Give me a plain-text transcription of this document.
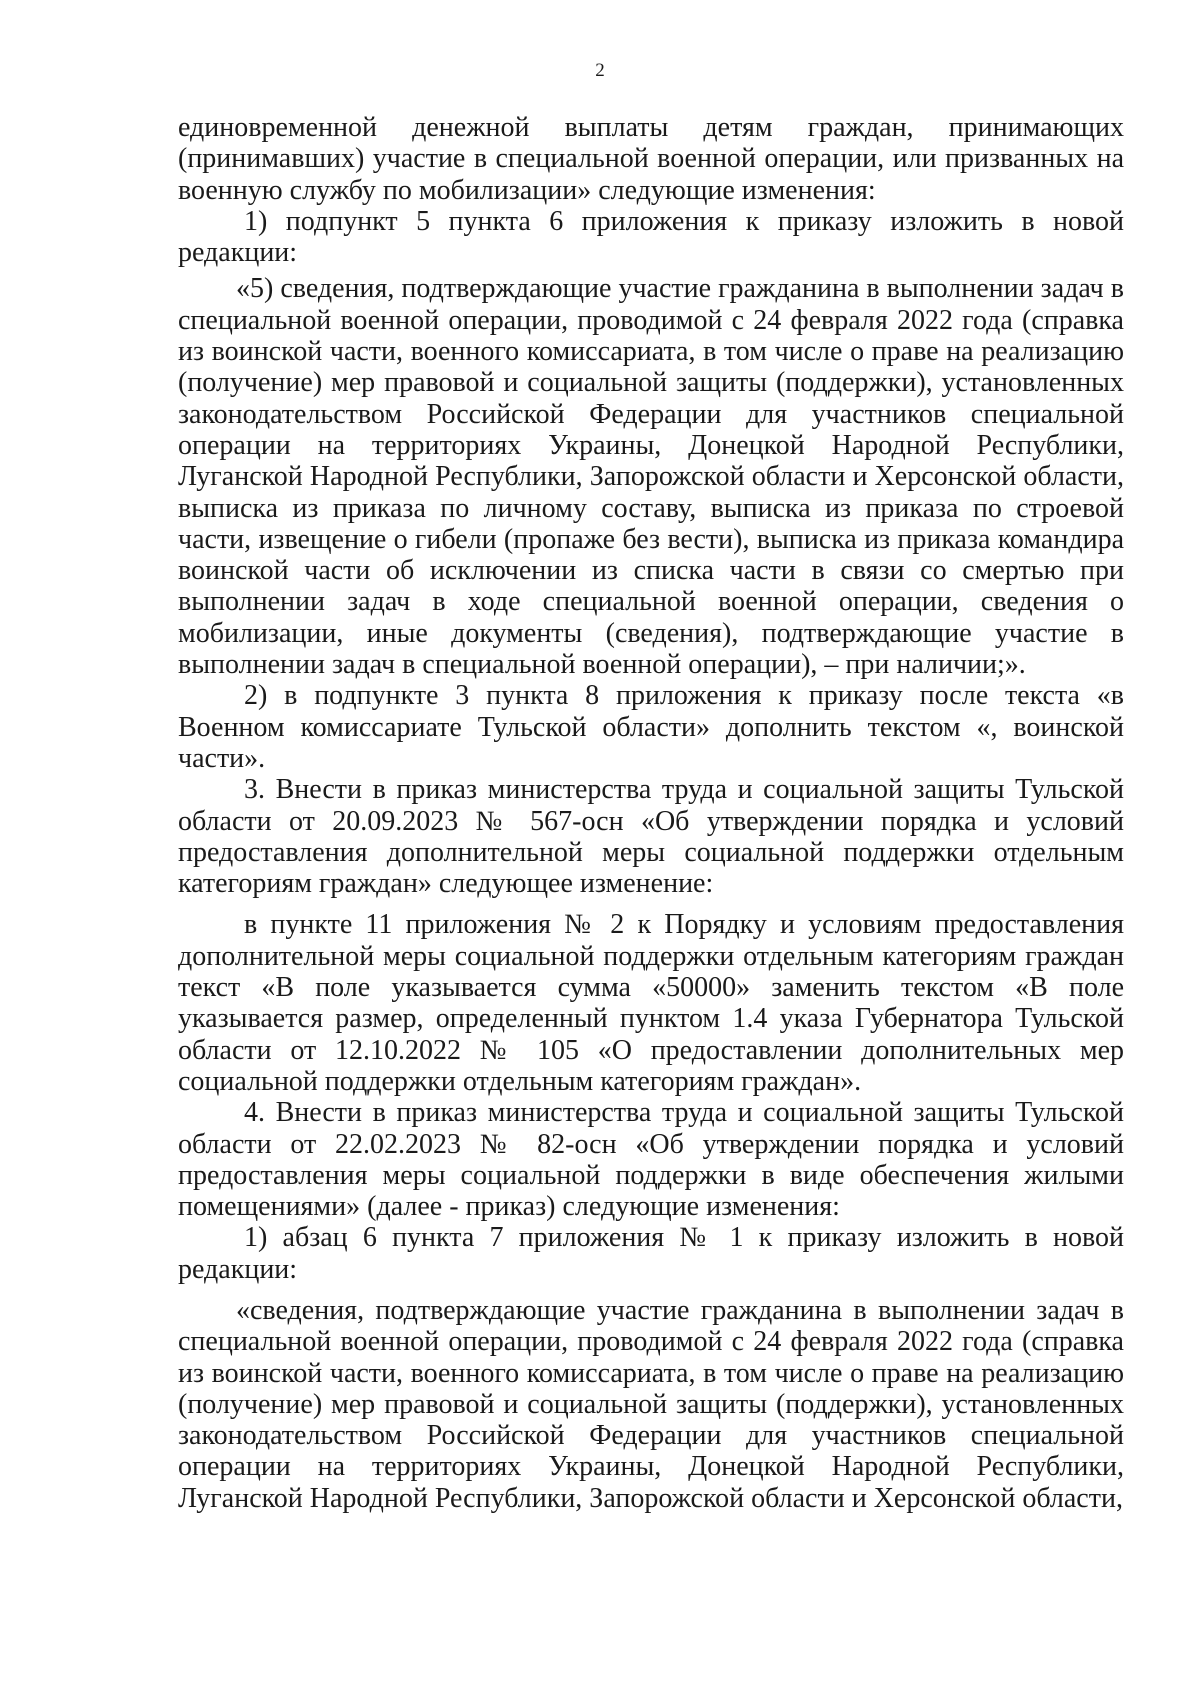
2

единовременной денежной выплаты детям граждан, принимающих (принимавших) участие в специальной военной операции, или призванных на военную службу по мобилизации» следующие изменения:

1) подпункт 5 пункта 6 приложения к приказу изложить в новой редакции:

«5) сведения, подтверждающие участие гражданина в выполнении задач в специальной военной операции, проводимой с 24 февраля 2022 года (справка из воинской части, военного комиссариата, в том числе о праве на реализацию (получение) мер правовой и социальной защиты (поддержки), установленных законодательством Российской Федерации для участников специальной операции на территориях Украины, Донецкой Народной Республики, Луганской Народной Республики, Запорожской области и Херсонской области, выписка из приказа по личному составу, выписка из приказа по строевой части, извещение о гибели (пропаже без вести), выписка из приказа командира воинской части об исключении из списка части в связи со смертью при выполнении задач в ходе специальной военной операции, сведения о мобилизации, иные документы (сведения), подтверждающие участие в выполнении задач в специальной военной операции), – при наличии;».

2) в подпункте 3 пункта 8 приложения к приказу после текста «в Военном комиссариате Тульской области» дополнить текстом «, воинской части».

3. Внести в приказ министерства труда и социальной защиты Тульской области от 20.09.2023 № 567-осн «Об утверждении порядка и условий предоставления дополнительной меры социальной поддержки отдельным категориям граждан» следующее изменение:

в пункте 11 приложения № 2 к Порядку и условиям предоставления дополнительной меры социальной поддержки отдельным категориям граждан текст «В поле указывается сумма «50000» заменить текстом «В поле указывается размер, определенный пунктом 1.4 указа Губернатора Тульской области от 12.10.2022 № 105 «О предоставлении дополнительных мер социальной поддержки отдельным категориям граждан».

4. Внести в приказ министерства труда и социальной защиты Тульской области от 22.02.2023 № 82-осн «Об утверждении порядка и условий предоставления меры социальной поддержки в виде обеспечения жилыми помещениями» (далее - приказ) следующие изменения:

1) абзац 6 пункта 7 приложения № 1 к приказу изложить в новой редакции:

«сведения, подтверждающие участие гражданина в выполнении задач в специальной военной операции, проводимой с 24 февраля 2022 года (справка из воинской части, военного комиссариата, в том числе о праве на реализацию (получение) мер правовой и социальной защиты (поддержки), установленных законодательством Российской Федерации для участников специальной операции на территориях Украины, Донецкой Народной Республики, Луганской Народной Республики, Запорожской области и Херсонской области,
